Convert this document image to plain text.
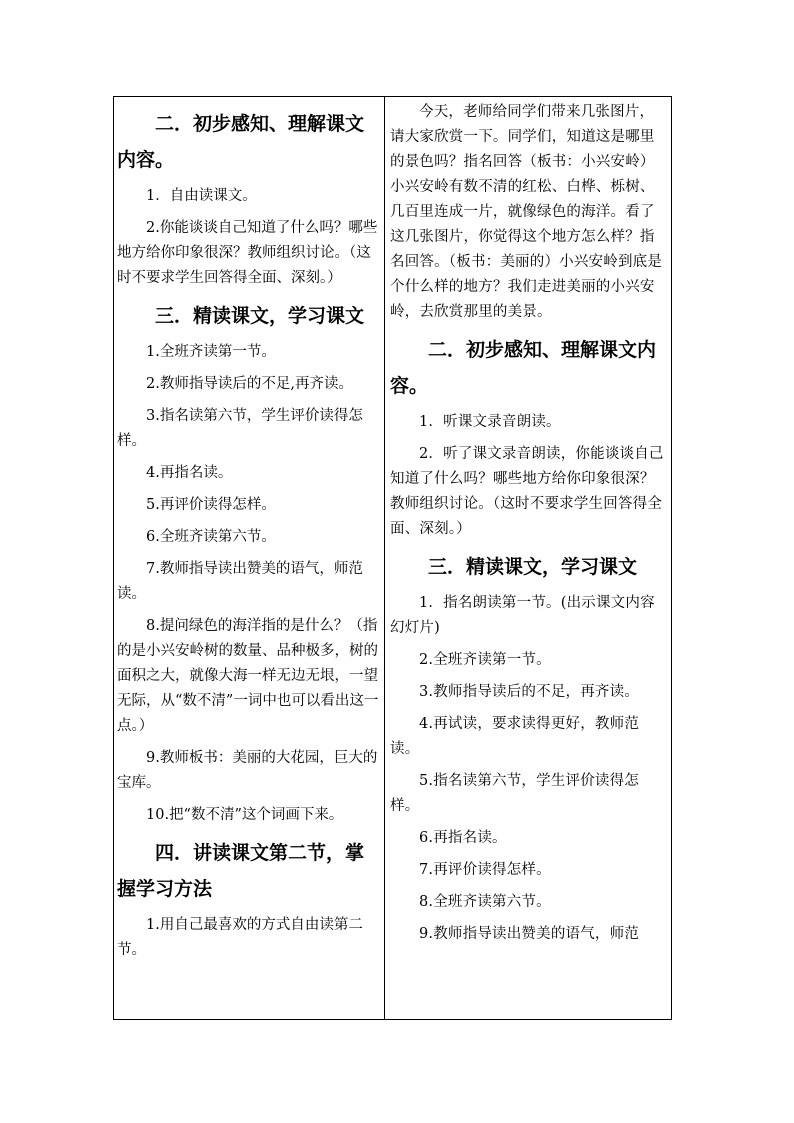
二．初步感知、理解课文内容。
1．自由读课文。
2.你能谈谈自己知道了什么吗？哪些地方给你印象很深？教师组织讨论。（这时不要求学生回答得全面、深刻。）
三．精读课文，学习课文
1.全班齐读第一节。
2.教师指导读后的不足,再齐读。
3.指名读第六节，学生评价读得怎样。
4.再指名读。
5.再评价读得怎样。
6.全班齐读第六节。
7.教师指导读出赞美的语气，师范读。
8.提问绿色的海洋指的是什么？（指的是小兴安岭树的数量、品种极多，树的面积之大，就像大海一样无边无垠，一望无际，从“数不清”一词中也可以看出这一点。）
9.教师板书：美丽的大花园，巨大的宝库。
10.把“数不清”这个词画下来。
四．讲读课文第二节，掌握学习方法
1.用自己最喜欢的方式自由读第二节。
今天，老师给同学们带来几张图片，请大家欣赏一下。同学们，知道这是哪里的景色吗？指名回答（板书：小兴安岭）小兴安岭有数不清的红松、白桦、栎树、几百里连成一片，就像绿色的海洋。看了这几张图片，你觉得这个地方怎么样？指名回答。（板书：美丽的）小兴安岭到底是个什么样的地方？我们走进美丽的小兴安岭，去欣赏那里的美景。
二．初步感知、理解课文内容。
1．听课文录音朗读。
2．听了课文录音朗读，你能谈谈自己知道了什么吗？哪些地方给你印象很深？教师组织讨论。（这时不要求学生回答得全面、深刻。）
三．精读课文，学习课文
1．指名朗读第一节。(出示课文内容幻灯片)
2.全班齐读第一节。
3.教师指导读后的不足，再齐读。
4.再试读，要求读得更好，教师范读。
5.指名读第六节，学生评价读得怎样。
6.再指名读。
7.再评价读得怎样。
8.全班齐读第六节。
9.教师指导读出赞美的语气，师范
